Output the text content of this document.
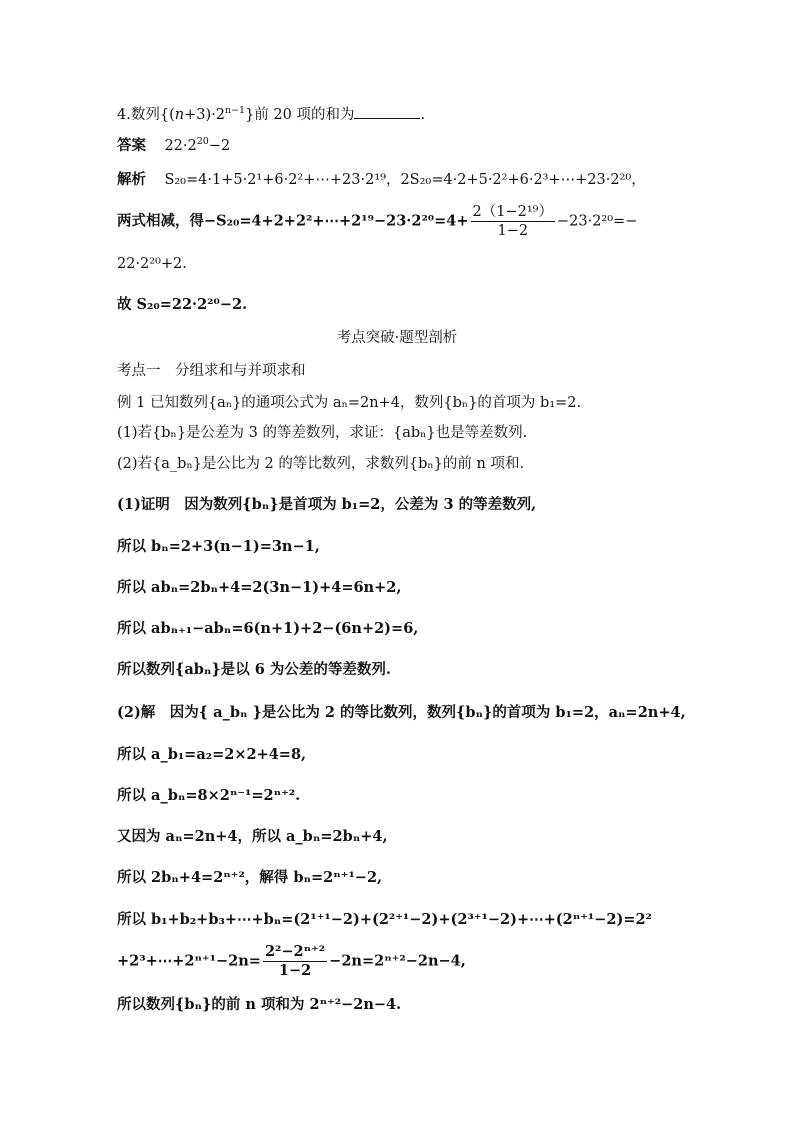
4.数列$\{(n+3)\cdot 2^{n-1}\}$前 20 项的和为	.
答案 $22\cdot 2^{20}-2$
解析 S₂₀=4·1+5·2¹+6·2²+⋯+23·2¹⁹，2S₂₀=4·2+5·2²+6·2³+⋯+23·2²⁰，
两式相减，得−S₂₀=4+2+2²+⋯+2¹⁹−23·2²⁰=4+ $\frac{\text{2（1−2¹⁹）}}{1-2} -23\cdot 2^{20}=-$
22·2²⁰+2.
故 S₂₀=22·2²⁰−2.
考点突破·题型剖析
考点一　分组求和与并项求和
例 1 已知数列{aₙ}的通项公式为 aₙ=2n+4，数列{bₙ}的首项为 b₁=2.
(1)若{bₙ}是公差为 3 的等差数列，求证：{abₙ}也是等差数列.
(2)若{a_bₙ}是公比为 2 的等比数列，求数列{bₙ}的前 n 项和.
(1)证明　因为数列{bₙ}是首项为 b₁=2，公差为 3 的等差数列,
所以 bₙ=2+3(n−1)=3n−1,
所以 abₙ=2bₙ+4=2(3n−1)+4=6n+2,
所以 abₙ₊₁−abₙ=6(n+1)+2−(6n+2)=6,
所以数列{abₙ}是以 6 为公差的等差数列.
(2)解　因为{ a_bₙ }是公比为 2 的等比数列，数列{bₙ}的首项为 b₁=2，aₙ=2n+4,
所以 a_b₁=a₂=2×2+4=8,
所以 a_bₙ=8×2ⁿ⁻¹=2ⁿ⁺².
又因为 aₙ=2n+4，所以 a_bₙ=2bₙ+4,
所以 2bₙ+4=2ⁿ⁺²，解得 bₙ=2ⁿ⁺¹−2,
所以 b₁+b₂+b₃+⋯+bₙ=(2¹⁺¹−2)+(2²⁺¹−2)+(2³⁺¹−2)+⋯+(2ⁿ⁺¹−2)=2²
+2³+⋯+2ⁿ⁺¹−2n= $\frac{\text{2²−2ⁿ⁺²}}{1-2} -2n=2^{n+2}-2n-4$,
所以数列{bₙ}的前 n 项和为 2ⁿ⁺²−2n−4.
